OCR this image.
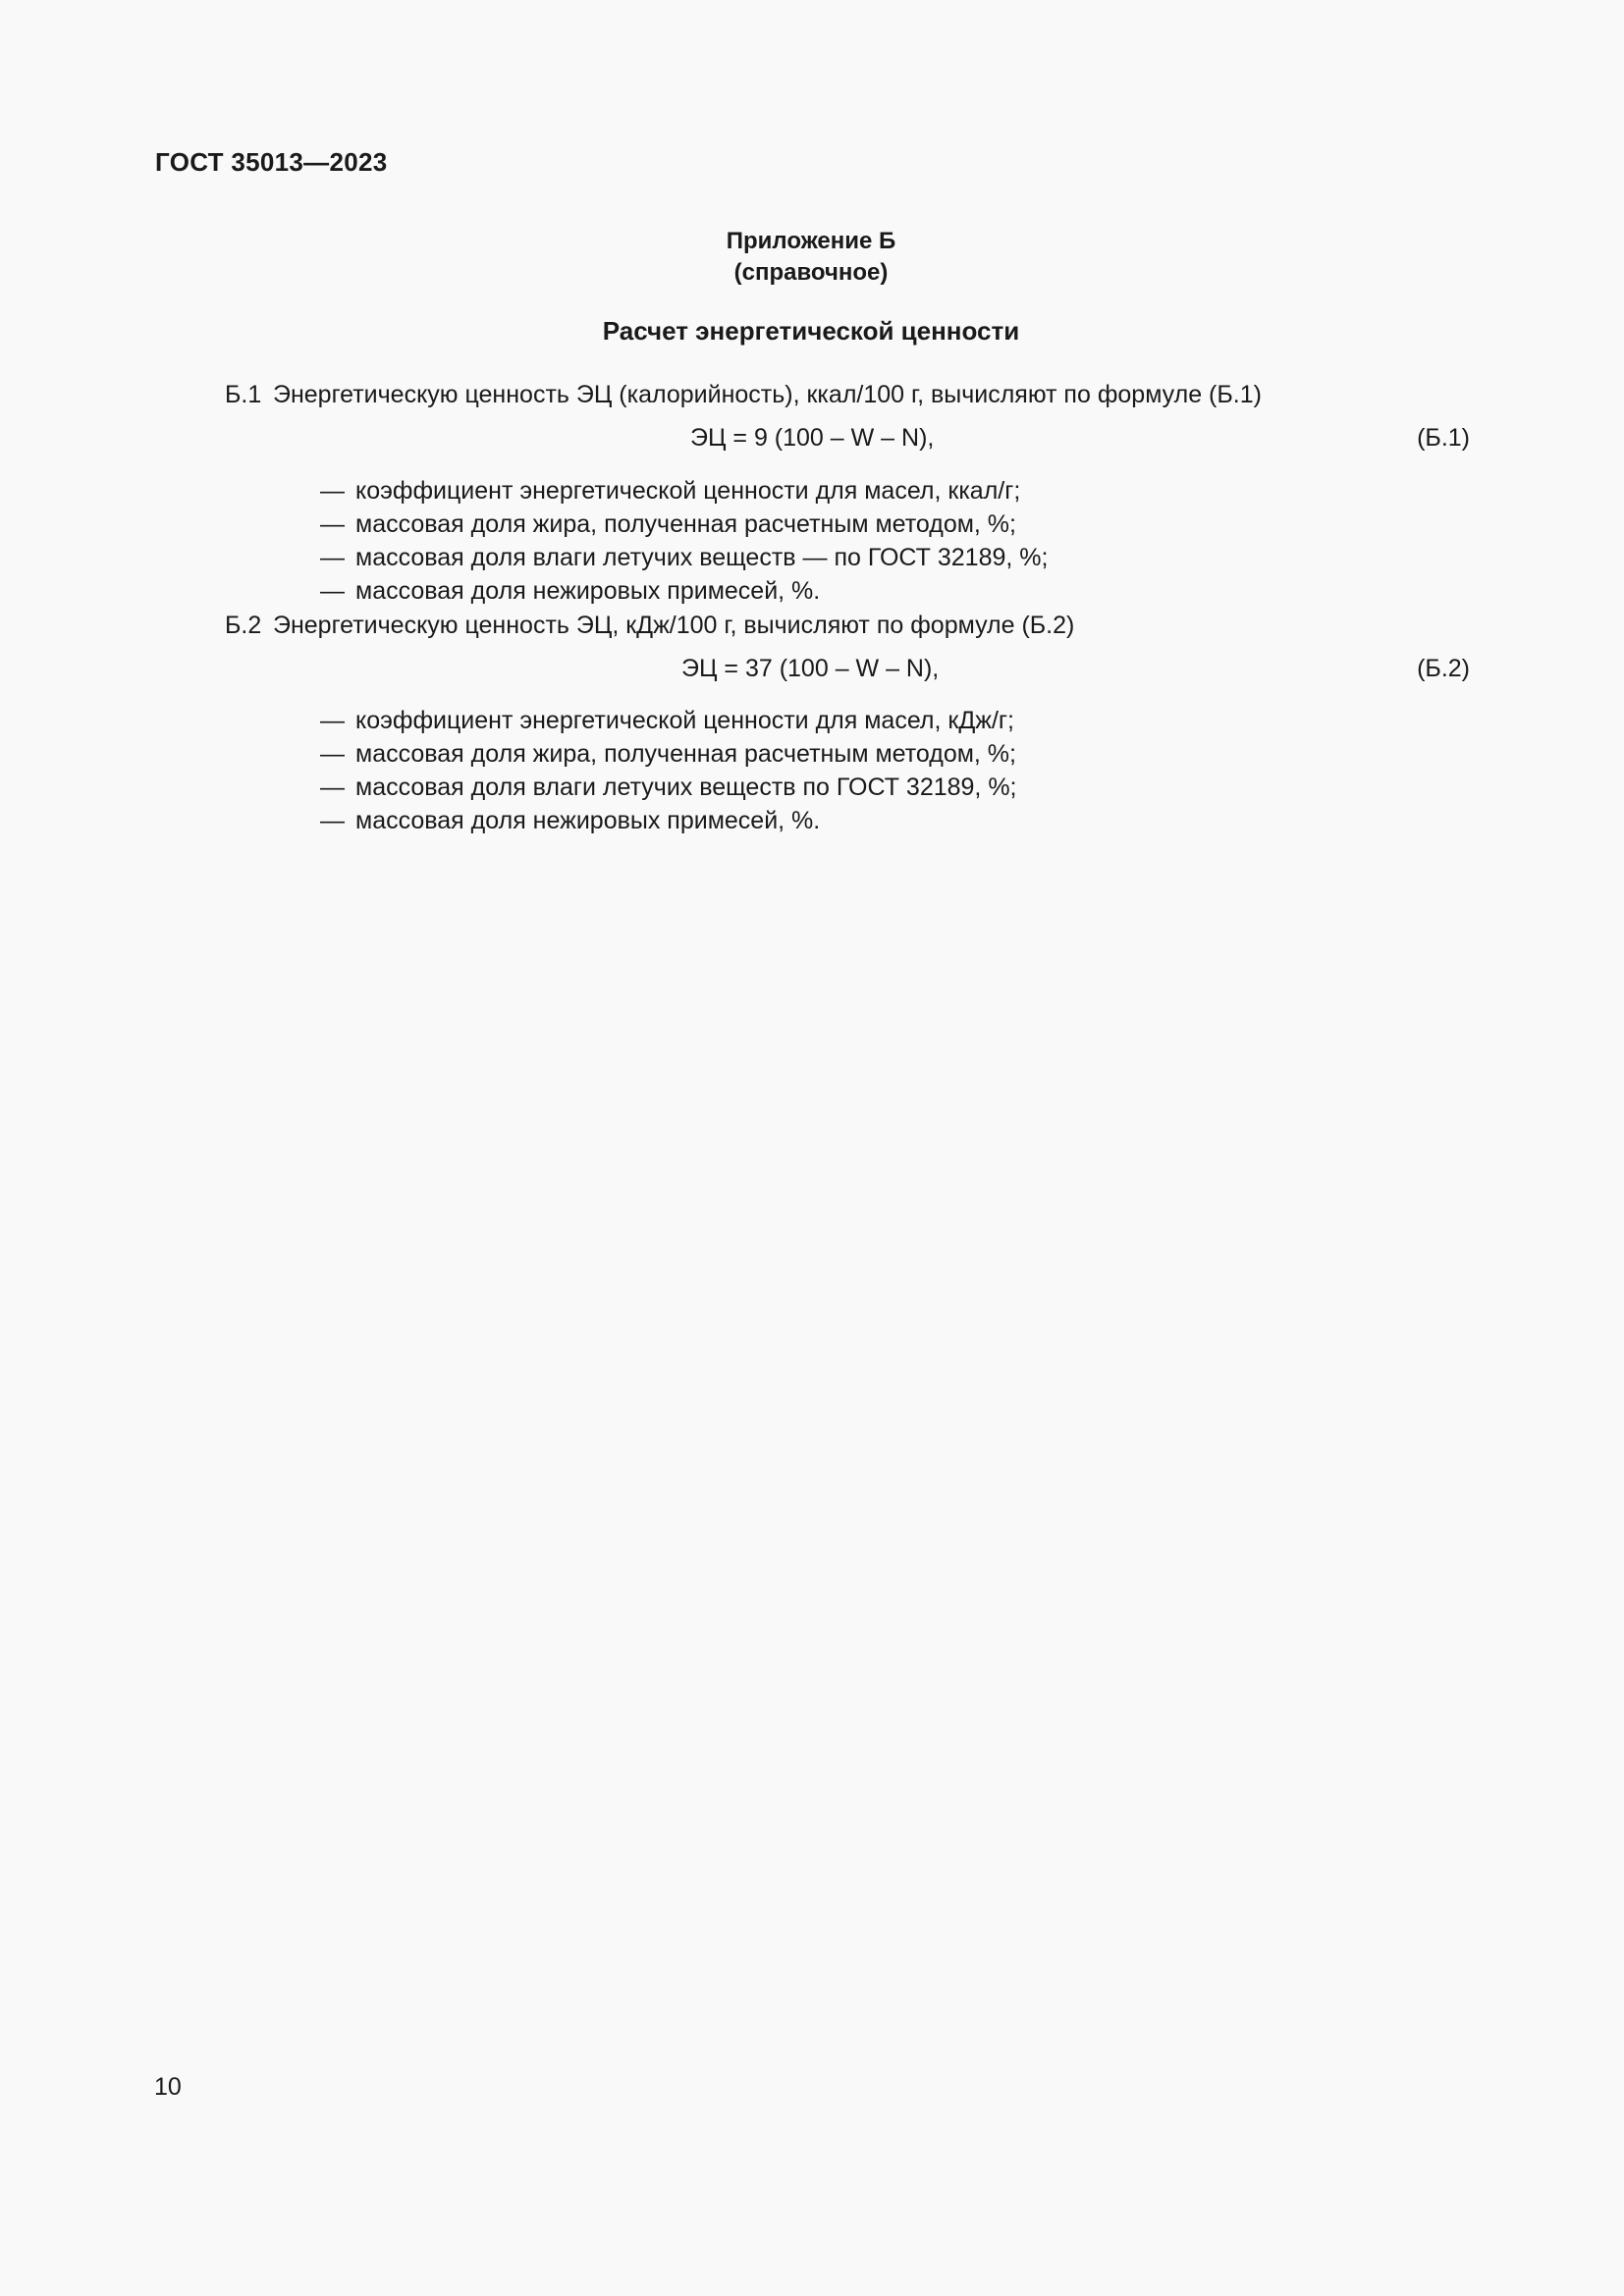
ГОСТ 35013—2023
Приложение Б
(справочное)
Расчет энергетической ценности
Б.1 Энергетическую ценность ЭЦ (калорийность), ккал/100 г, вычисляют по формуле (Б.1)
ЭЦ = 9 (100 – W – N),	(Б.1)
— коэффициент энергетической ценности для масел, ккал/г;
— массовая доля жира, полученная расчетным методом, %;
— массовая доля влаги летучих веществ — по ГОСТ 32189, %;
— массовая доля нежировых примесей, %.
Б.2 Энергетическую ценность ЭЦ, кДж/100 г, вычисляют по формуле (Б.2)
ЭЦ = 37 (100 – W – N),	(Б.2)
— коэффициент энергетической ценности для масел, кДж/г;
— массовая доля жира, полученная расчетным методом, %;
— массовая доля влаги летучих веществ по ГОСТ 32189, %;
— массовая доля нежировых примесей, %.
10
